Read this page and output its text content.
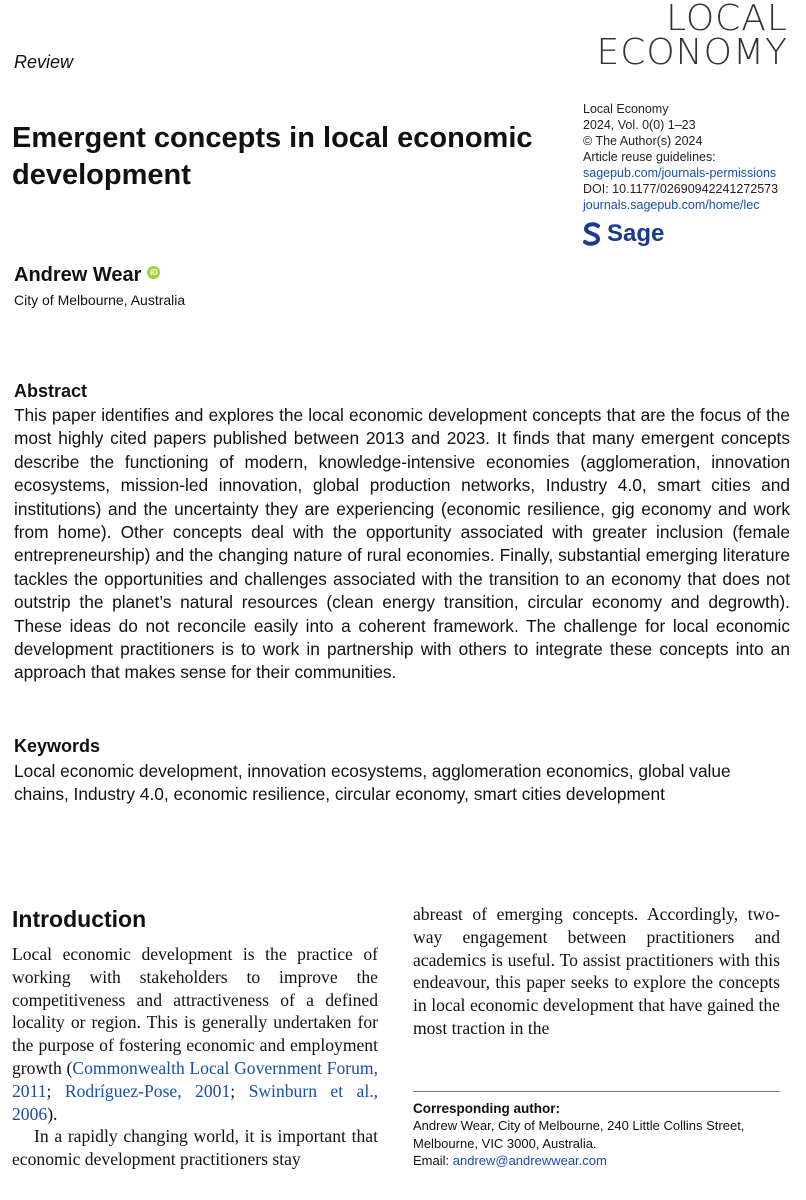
LOCAL
ECONOMY
Review
Local Economy
2024, Vol. 0(0) 1–23
© The Author(s) 2024
Article reuse guidelines:
sagepub.com/journals-permissions
DOI: 10.1177/02690942241272573
journals.sagepub.com/home/lec
Sage
Emergent concepts in local economic development
Andrew Wear	iD
City of Melbourne, Australia
Abstract
This paper identifies and explores the local economic development concepts that are the focus of the most highly cited papers published between 2013 and 2023. It finds that many emergent concepts describe the functioning of modern, knowledge-intensive economies (agglomeration, innovation ecosystems, mission-led innovation, global production networks, Industry 4.0, smart cities and institutions) and the uncertainty they are experiencing (economic resilience, gig economy and work from home). Other concepts deal with the opportunity associated with greater inclusion (female entrepreneurship) and the changing nature of rural economies. Finally, substantial emerging literature tackles the opportunities and challenges associated with the transition to an economy that does not outstrip the planet’s natural resources (clean energy transition, circular economy and degrowth). These ideas do not reconcile easily into a coherent framework. The challenge for local economic development practitioners is to work in partnership with others to integrate these concepts into an approach that makes sense for their communities.
Keywords
Local economic development, innovation ecosystems, agglomeration economics, global value chains, Industry 4.0, economic resilience, circular economy, smart cities development
Introduction

Local economic development is the practice of working with stakeholders to improve the competitiveness and attractiveness of a defined locality or region. This is generally undertaken for the purpose of fostering economic and employment growth (Commonwealth Local Government Forum, 2011; Rodríguez-Pose, 2001; Swinburn et al., 2006).

In a rapidly changing world, it is important that economic development practitioners stay

abreast of emerging concepts. Accordingly, two-way engagement between practitioners and academics is useful. To assist practitioners with this endeavour, this paper seeks to explore the concepts in local economic development that have gained the most traction in the

Corresponding author:
Andrew Wear, City of Melbourne, 240 Little Collins Street, Melbourne, VIC 3000, Australia.
Email: andrew@andrewwear.com
